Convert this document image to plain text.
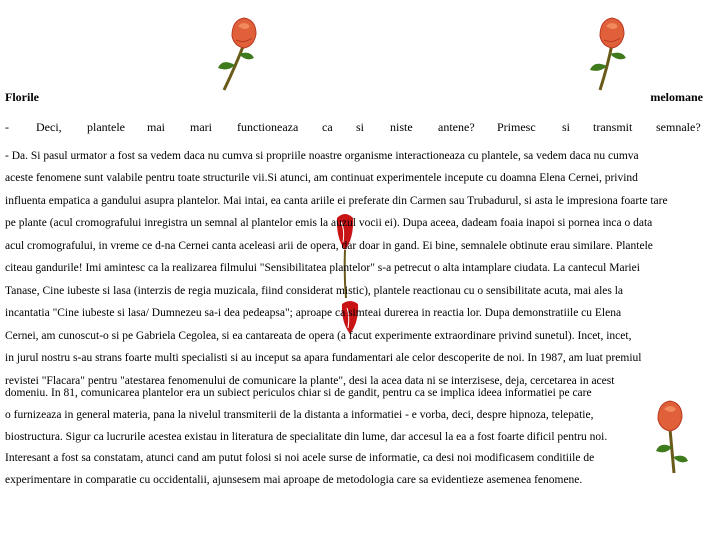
Florile	melomane
- Deci, plantele mai mari functioneaza ca si niste antene? Primesc si transmit semnale?
- Da. Si pasul urmator a fost sa vedem daca nu cumva si propriile noastre organisme interactioneaza cu plantele, sa vedem daca nu cumva
aceste fenomene sunt valabile pentru toate structurile vii.Si atunci, am continuat experimentele incepute cu doamna Elena Cernei, privind
influenta empatica a gandului asupra plantelor. Mai intai, ea canta ariile ei preferate din Carmen sau Trubadurul, si asta le impresiona foarte tare
pe plante (acul cromografului inregistra un semnal al plantelor emis la auzul vocii ei). Dupa aceea, dadeam foaia inapoi si pornea inca o data
acul cromografului, in vreme ce d-na Cernei canta aceleasi arii de opera, dar doar in gand. Ei bine, semnalele obtinute erau similare. Plantele
citeau gandurile! Imi amintesc ca la realizarea filmului "Sensibilitatea plantelor" s-a petrecut o alta intamplare ciudata. La cantecul Mariei
Tanase, Cine iubeste si lasa (interzis de regia muzicala, fiind considerat mistic), plantele reactionau cu o sensibilitate acuta, mai ales la
incantatia "Cine iubeste si lasa/ Dumnezeu sa-i dea pedeapsa"; aproape ca simteai durerea in reactia lor. Dupa demonstratiile cu Elena
Cernei, am cunoscut-o si pe Gabriela Cegolea, si ea cantareata de opera (a facut experimente extraordinare privind sunetul). Incet, incet,
in jurul nostru s-au strans foarte multi specialisti si au inceput sa apara fundamentari ale celor descoperite de noi. In 1987, am luat premiul
revistei "Flacara" pentru "atestarea fenomenului de comunicare la plante", desi la acea data ni se interzisese, deja, cercetarea in acest
domeniu. In 81, comunicarea plantelor era un subiect periculos chiar si de gandit, pentru ca se implica ideea informatiei pe care
o furnizeaza in general materia, pana la nivelul transmiterii de la distanta a informatiei - e vorba, deci, despre hipnoza, telepatie,
biostructura. Sigur ca lucrurile acestea existau in literatura de specialitate din lume, dar accesul la ea a fost foarte dificil pentru noi.
Interesant a fost sa constatam, atunci cand am putut folosi si noi acele surse de informatie, ca desi noi modificasem conditiile de
experimentare in comparatie cu occidentalii, ajunsesem mai aproape de metodologia care sa evidentieze asemenea fenomene.
